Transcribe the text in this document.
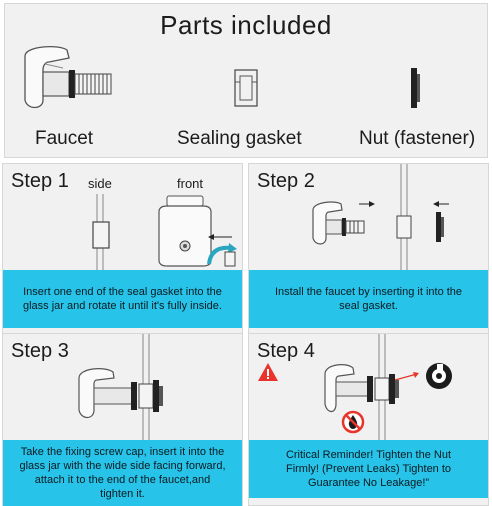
Parts included
Faucet	Sealing gasket	Nut (fastener)
Step 1 side	front
Insert one end of the seal gasket into the glass jar and rotate it until it's fully inside.
Step 2
Install the faucet by inserting it into the seal gasket.
Step 3
Take the fixing screw cap, insert it into the glass jar with the wide side facing forward, attach it to the end of the faucet,and tighten it.
Step 4
Critical Reminder! Tighten the Nut Firmly! (Prevent Leaks) Tighten to Guarantee No Leakage!”
